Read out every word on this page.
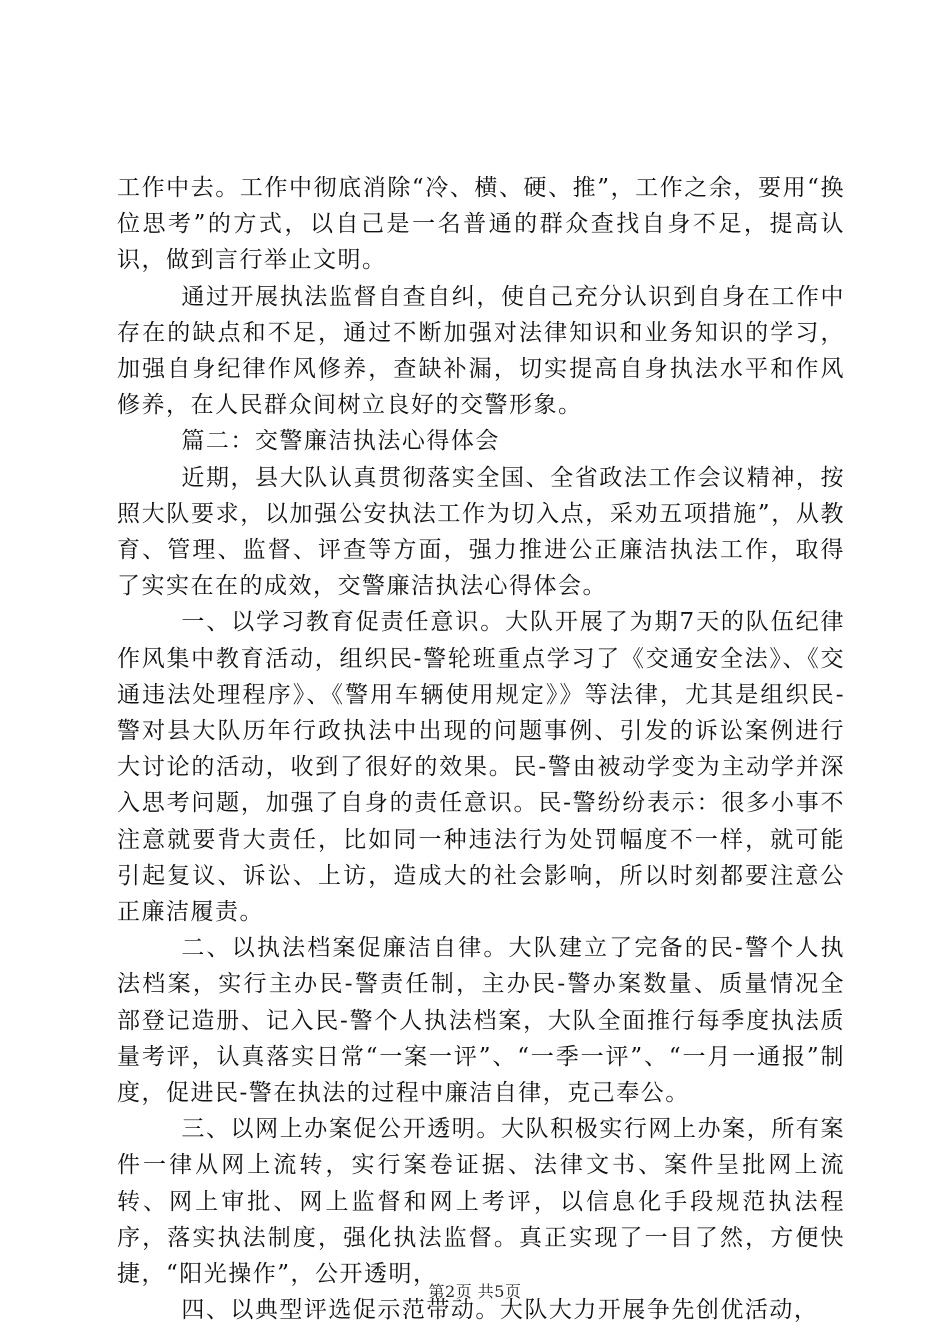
工作中去。工作中彻底消除“冷、横、硬、推”，工作之余，要用“换位思考”的方式，以自己是一名普通的群众查找自身不足，提高认识，做到言行举止文明。

通过开展执法监督自查自纠，使自己充分认识到自身在工作中存在的缺点和不足，通过不断加强对法律知识和业务知识的学习，加强自身纪律作风修养，查缺补漏，切实提高自身执法水平和作风修养，在人民群众间树立良好的交警形象。

篇二：交警廉洁执法心得体会

近期，县大队认真贯彻落实全国、全省政法工作会议精神，按照大队要求，以加强公安执法工作为切入点，采劝五项措施”，从教育、管理、监督、评查等方面，强力推进公正廉洁执法工作，取得了实实在在的成效，交警廉洁执法心得体会。

一、以学习教育促责任意识。大队开展了为期7天的队伍纪律作风集中教育活动，组织民-警轮班重点学习了《交通安全法》、《交通违法处理程序》、《警用车辆使用规定》》等法律，尤其是组织民-警对县大队历年行政执法中出现的问题事例、引发的诉讼案例进行大讨论的活动，收到了很好的效果。民-警由被动学变为主动学并深入思考问题，加强了自身的责任意识。民-警纷纷表示：很多小事不注意就要背大责任，比如同一种违法行为处罚幅度不一样，就可能引起复议、诉讼、上访，造成大的社会影响，所以时刻都要注意公正廉洁履责。

二、以执法档案促廉洁自律。大队建立了完备的民-警个人执法档案，实行主办民-警责任制，主办民-警办案数量、质量情况全部登记造册、记入民-警个人执法档案，大队全面推行每季度执法质量考评，认真落实日常“一案一评”、“一季一评”、“一月一通报”制度，促进民-警在执法的过程中廉洁自律，克己奉公。

三、以网上办案促公开透明。大队积极实行网上办案，所有案件一律从网上流转，实行案卷证据、法律文书、案件呈批网上流转、网上审批、网上监督和网上考评，以信息化手段规范执法程序，落实执法制度，强化执法监督。真正实现了一目了然，方便快捷，“阳光操作”，公开透明，

四、以典型评选促示范带动。大队大力开展争先创优活动，

第2页 共5页
